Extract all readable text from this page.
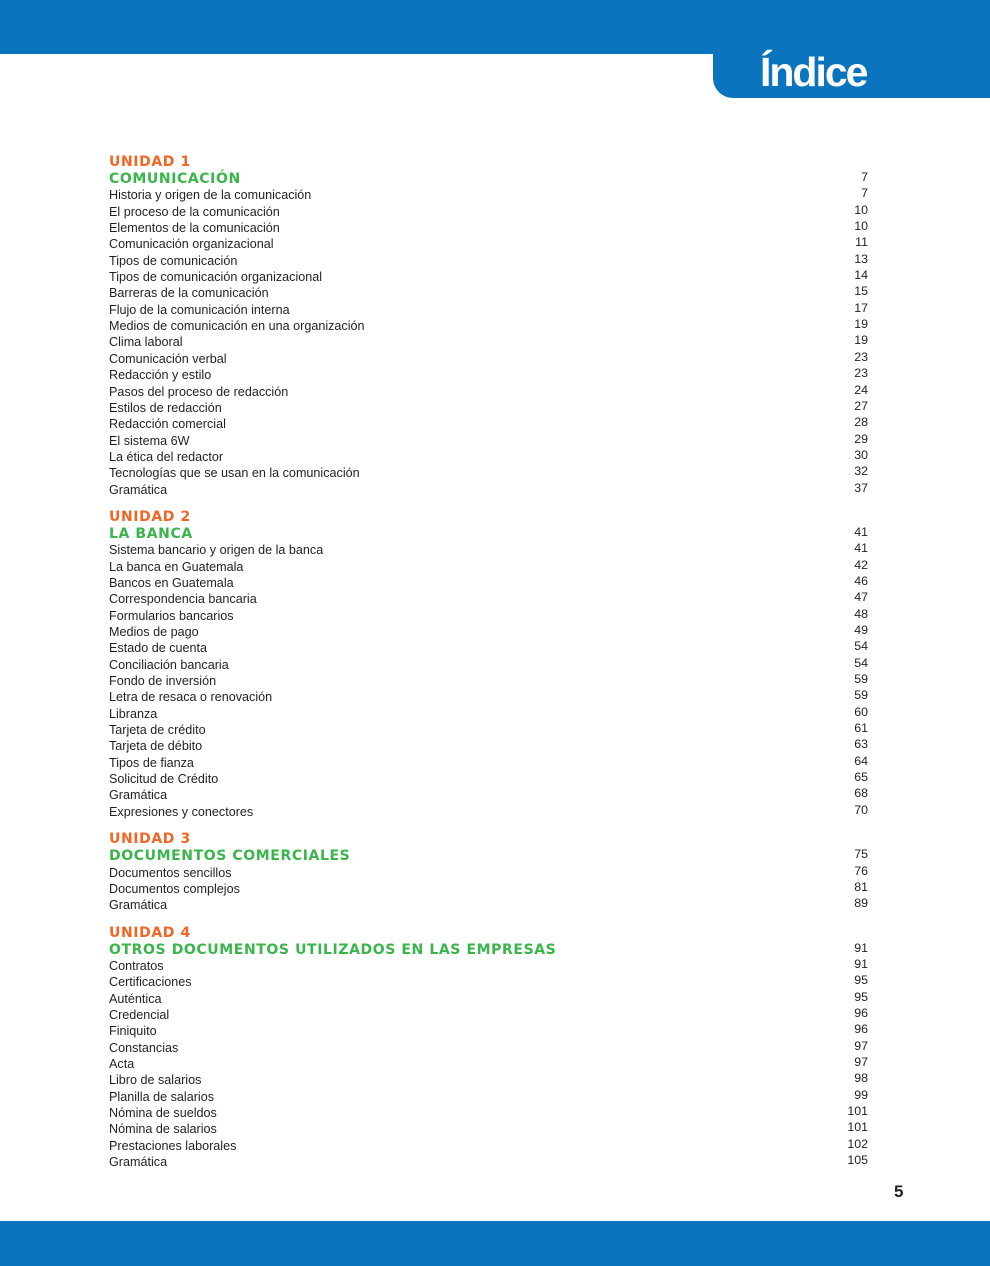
Índice
UNIDAD 1
COMUNICACIÓN	7
Historia y origen de la comunicación	7
El proceso de la comunicación	10
Elementos de la comunicación	10
Comunicación organizacional	11
Tipos de comunicación	13
Tipos de comunicación organizacional	14
Barreras de la comunicación	15
Flujo de la comunicación interna	17
Medios de comunicación en una organización	19
Clima laboral	19
Comunicación verbal	23
Redacción y estilo	23
Pasos del proceso de redacción	24
Estilos de redacción	27
Redacción comercial	28
El sistema 6W	29
La ética del redactor	30
Tecnologías que se usan en la comunicación	32
Gramática	37
UNIDAD 2
LA BANCA	41
Sistema bancario y origen de la banca	41
La banca en Guatemala	42
Bancos en Guatemala	46
Correspondencia bancaria	47
Formularios bancarios	48
Medios de pago	49
Estado de cuenta	54
Conciliación bancaria	54
Fondo de inversión	59
Letra de resaca o renovación	59
Libranza	60
Tarjeta de crédito	61
Tarjeta de débito	63
Tipos de fianza	64
Solicitud de Crédito	65
Gramática	68
Expresiones y conectores	70
UNIDAD 3
DOCUMENTOS COMERCIALES	75
Documentos sencillos	76
Documentos complejos	81
Gramática	89
UNIDAD 4
OTROS DOCUMENTOS UTILIZADOS EN LAS EMPRESAS	91
Contratos	91
Certificaciones	95
Auténtica	95
Credencial	96
Finiquito	96
Constancias	97
Acta	97
Libro de salarios	98
Planilla de salarios	99
Nómina de sueldos	101
Nómina de salarios	101
Prestaciones laborales	102
Gramática	105
5
